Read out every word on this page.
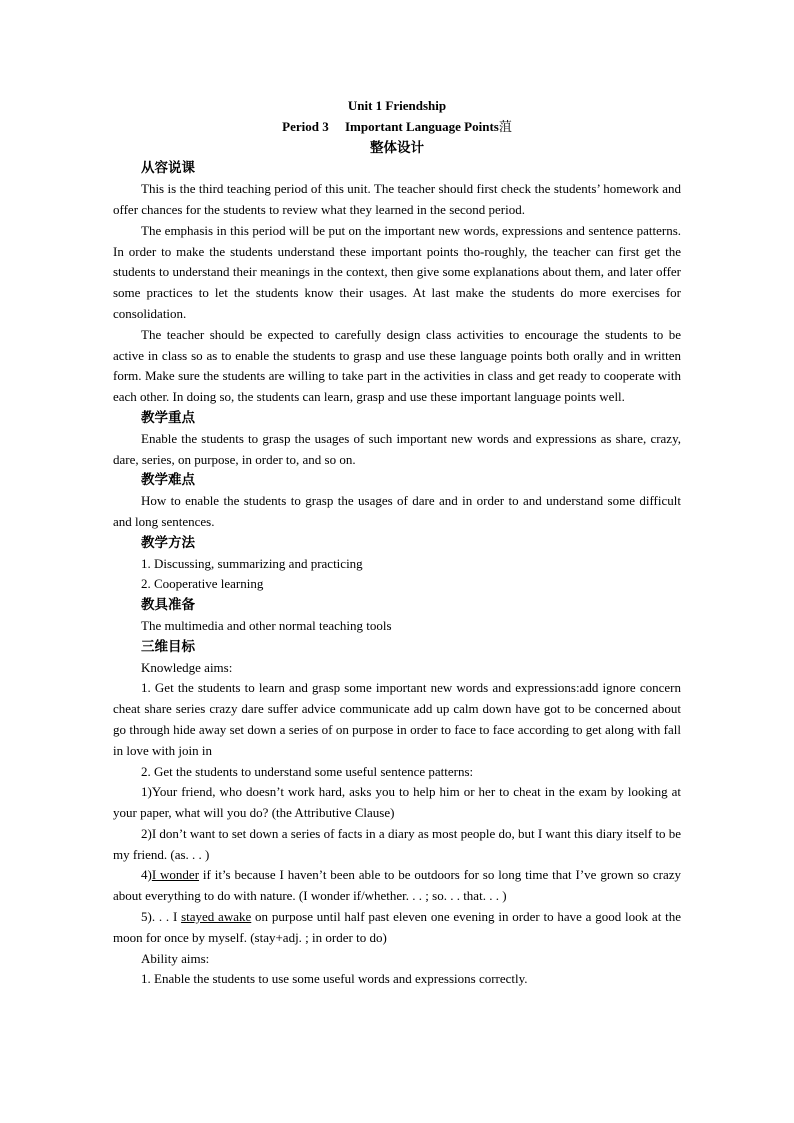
Unit 1 Friendship
Period 3     Important Language Points菹
整体设计
从容说课

This is the third teaching period of this unit. The teacher should first check the students’ homework and offer chances for the students to review what they learned in the second period.

The emphasis in this period will be put on the important new words, expressions and sentence patterns. In order to make the students understand these important points tho-roughly, the teacher can first get the students to understand their meanings in the context, then give some explanations about them, and later offer some practices to let the students know their usages. At last make the students do more exercises for consolidation.

The teacher should be expected to carefully design class activities to encourage the students to be active in class so as to enable the students to grasp and use these language points both orally and in written form. Make sure the students are willing to take part in the activities in class and get ready to cooperate with each other. In doing so, the students can learn, grasp and use these important language points well.

教学重点

Enable the students to grasp the usages of such important new words and expressions as share, crazy, dare, series, on purpose, in order to, and so on.

教学难点

How to enable the students to grasp the usages of dare and in order to and understand some difficult and long sentences.

教学方法

1. Discussing, summarizing and practicing

2. Cooperative learning

教具准备

The multimedia and other normal teaching tools

三维目标

Knowledge aims:

1. Get the students to learn and grasp some important new words and expressions:add ignore concern cheat share series crazy dare suffer advice communicate add up calm down have got to be concerned about go through hide away set down a series of on purpose in order to face to face according to get along with fall in love with join in

2. Get the students to understand some useful sentence patterns:

1)Your friend, who doesn’t work hard, asks you to help him or her to cheat in the exam by looking at your paper, what will you do? (the Attributive Clause)

2)I don’t want to set down a series of facts in a diary as most people do, but I want this diary itself to be my friend. (as. . . )

4)I wonder if it’s because I haven’t been able to be outdoors for so long time that I’ve grown so crazy about everything to do with nature. (I wonder if/whether. . . ; so. . . that. . . )

5). . . I stayed awake on purpose until half past eleven one evening in order to have a good look at the moon for once by myself. (stay+adj. ; in order to do)

Ability aims:

1. Enable the students to use some useful words and expressions correctly.
